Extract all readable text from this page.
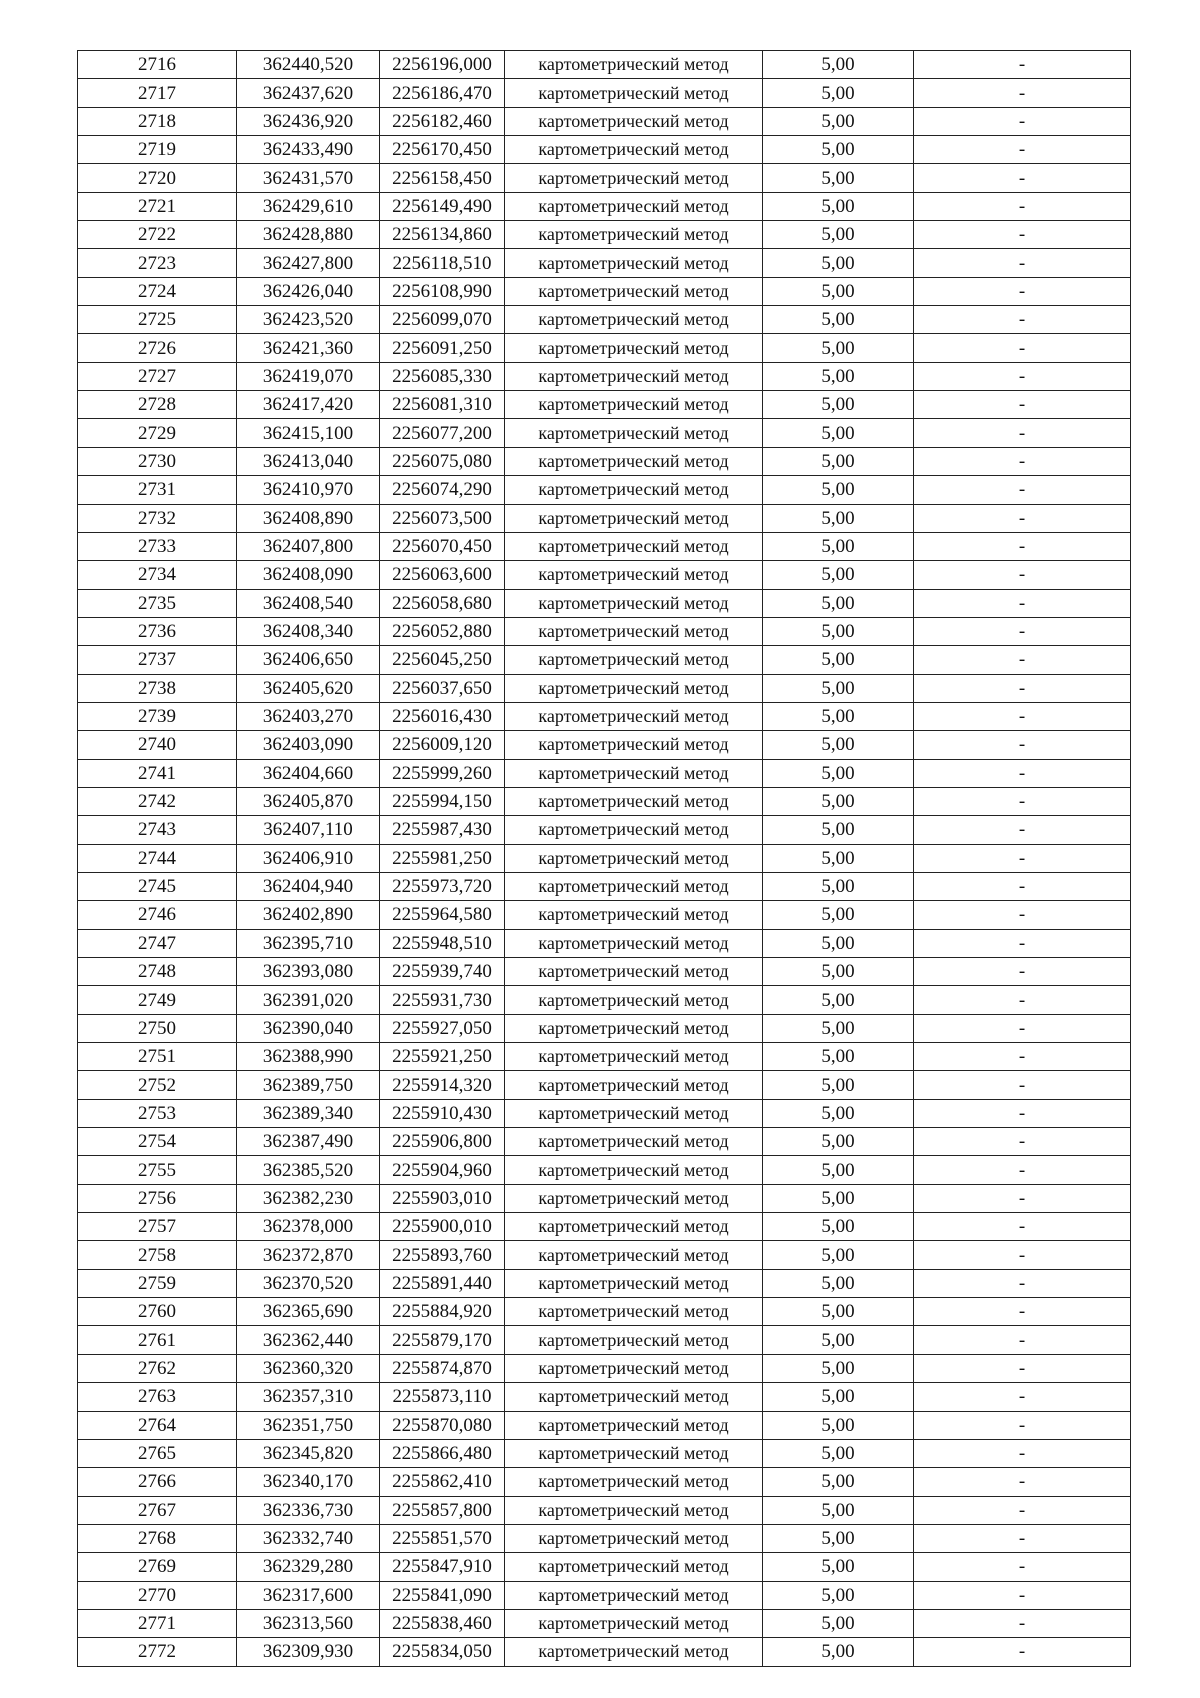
2716	362440,520	2256196,000	картометрический метод	5,00	-
2717	362437,620	2256186,470	картометрический метод	5,00	-
2718	362436,920	2256182,460	картометрический метод	5,00	-
2719	362433,490	2256170,450	картометрический метод	5,00	-
2720	362431,570	2256158,450	картометрический метод	5,00	-
2721	362429,610	2256149,490	картометрический метод	5,00	-
2722	362428,880	2256134,860	картометрический метод	5,00	-
2723	362427,800	2256118,510	картометрический метод	5,00	-
2724	362426,040	2256108,990	картометрический метод	5,00	-
2725	362423,520	2256099,070	картометрический метод	5,00	-
2726	362421,360	2256091,250	картометрический метод	5,00	-
2727	362419,070	2256085,330	картометрический метод	5,00	-
2728	362417,420	2256081,310	картометрический метод	5,00	-
2729	362415,100	2256077,200	картометрический метод	5,00	-
2730	362413,040	2256075,080	картометрический метод	5,00	-
2731	362410,970	2256074,290	картометрический метод	5,00	-
2732	362408,890	2256073,500	картометрический метод	5,00	-
2733	362407,800	2256070,450	картометрический метод	5,00	-
2734	362408,090	2256063,600	картометрический метод	5,00	-
2735	362408,540	2256058,680	картометрический метод	5,00	-
2736	362408,340	2256052,880	картометрический метод	5,00	-
2737	362406,650	2256045,250	картометрический метод	5,00	-
2738	362405,620	2256037,650	картометрический метод	5,00	-
2739	362403,270	2256016,430	картометрический метод	5,00	-
2740	362403,090	2256009,120	картометрический метод	5,00	-
2741	362404,660	2255999,260	картометрический метод	5,00	-
2742	362405,870	2255994,150	картометрический метод	5,00	-
2743	362407,110	2255987,430	картометрический метод	5,00	-
2744	362406,910	2255981,250	картометрический метод	5,00	-
2745	362404,940	2255973,720	картометрический метод	5,00	-
2746	362402,890	2255964,580	картометрический метод	5,00	-
2747	362395,710	2255948,510	картометрический метод	5,00	-
2748	362393,080	2255939,740	картометрический метод	5,00	-
2749	362391,020	2255931,730	картометрический метод	5,00	-
2750	362390,040	2255927,050	картометрический метод	5,00	-
2751	362388,990	2255921,250	картометрический метод	5,00	-
2752	362389,750	2255914,320	картометрический метод	5,00	-
2753	362389,340	2255910,430	картометрический метод	5,00	-
2754	362387,490	2255906,800	картометрический метод	5,00	-
2755	362385,520	2255904,960	картометрический метод	5,00	-
2756	362382,230	2255903,010	картометрический метод	5,00	-
2757	362378,000	2255900,010	картометрический метод	5,00	-
2758	362372,870	2255893,760	картометрический метод	5,00	-
2759	362370,520	2255891,440	картометрический метод	5,00	-
2760	362365,690	2255884,920	картометрический метод	5,00	-
2761	362362,440	2255879,170	картометрический метод	5,00	-
2762	362360,320	2255874,870	картометрический метод	5,00	-
2763	362357,310	2255873,110	картометрический метод	5,00	-
2764	362351,750	2255870,080	картометрический метод	5,00	-
2765	362345,820	2255866,480	картометрический метод	5,00	-
2766	362340,170	2255862,410	картометрический метод	5,00	-
2767	362336,730	2255857,800	картометрический метод	5,00	-
2768	362332,740	2255851,570	картометрический метод	5,00	-
2769	362329,280	2255847,910	картометрический метод	5,00	-
2770	362317,600	2255841,090	картометрический метод	5,00	-
2771	362313,560	2255838,460	картометрический метод	5,00	-
2772	362309,930	2255834,050	картометрический метод	5,00	-
